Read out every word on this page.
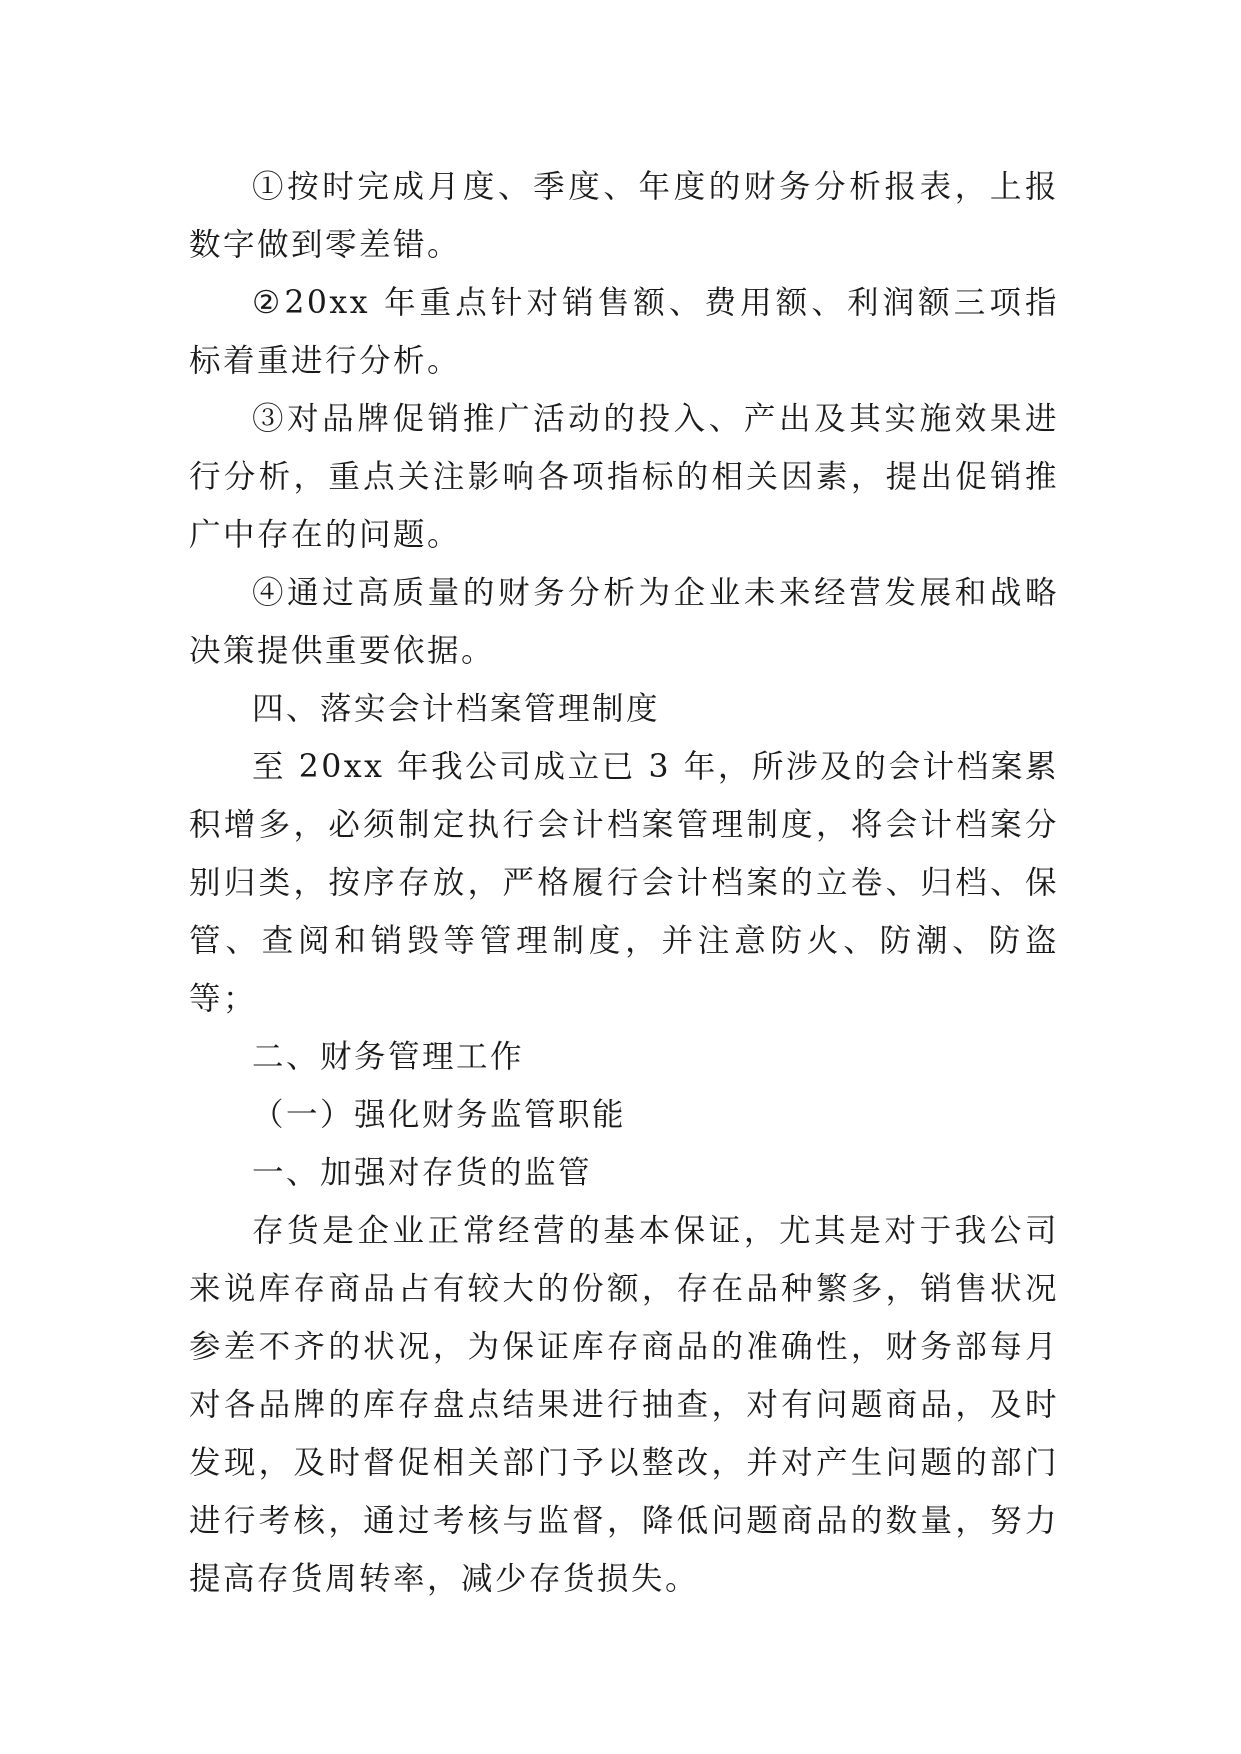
①按时完成月度、季度、年度的财务分析报表，上报数字做到零差错。

②20xx 年重点针对销售额、费用额、利润额三项指标着重进行分析。

③对品牌促销推广活动的投入、产出及其实施效果进行分析，重点关注影响各项指标的相关因素，提出促销推广中存在的问题。

④通过高质量的财务分析为企业未来经营发展和战略决策提供重要依据。

四、落实会计档案管理制度

至 20xx 年我公司成立已 3 年，所涉及的会计档案累积增多，必须制定执行会计档案管理制度，将会计档案分别归类，按序存放，严格履行会计档案的立卷、归档、保管、查阅和销毁等管理制度，并注意防火、防潮、防盗等；

二、财务管理工作

（一）强化财务监管职能

一、加强对存货的监管

存货是企业正常经营的基本保证，尤其是对于我公司来说库存商品占有较大的份额，存在品种繁多，销售状况参差不齐的状况，为保证库存商品的准确性，财务部每月对各品牌的库存盘点结果进行抽查，对有问题商品，及时发现，及时督促相关部门予以整改，并对产生问题的部门进行考核，通过考核与监督，降低问题商品的数量，努力提高存货周转率，减少存货损失。
